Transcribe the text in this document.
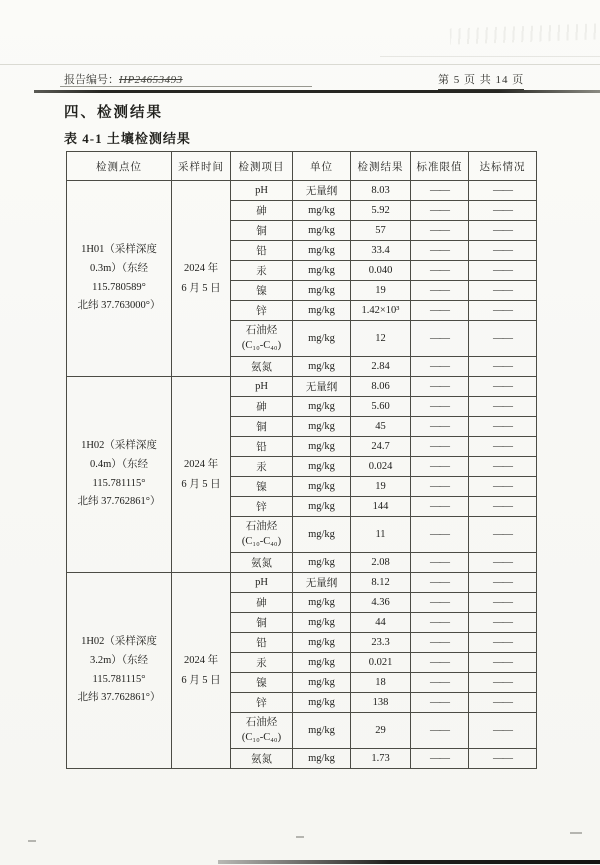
报告编号：HP24653493	第 5 页 共 14 页
四、检测结果
表 4-1 土壤检测结果
检测点位	采样时间	检测项目	单位	检测结果	标准限值	达标情况

1H01（采样深度
0.3m）（东经
115.780589°
北纬 37.763000°）

2024 年
6 月 5 日
	pH	无量纲	8.03	——	——
		砷	mg/kg	5.92	——	——
		铜	mg/kg	57	——	——
		铅	mg/kg	33.4	——	——
		汞	mg/kg	0.040	——	——
		镍	mg/kg	19	——	——
		锌	mg/kg	1.42×10³	——	——

		石油烃
(C₁₀-C₄₀)	mg/kg	12	——	——
		氨氮	mg/kg	2.84	——	——

1H02（采样深度
0.4m）（东经
115.781115°
北纬 37.762861°）

2024 年
6 月 5 日
	pH	无量纲	8.06	——	——
		砷	mg/kg	5.60	——	——
		铜	mg/kg	45	——	——
		铅	mg/kg	24.7	——	——
		汞	mg/kg	0.024	——	——
		镍	mg/kg	19	——	——
		锌	mg/kg	144	——	——

		石油烃
(C₁₀-C₄₀)	mg/kg	11	——	——
		氨氮	mg/kg	2.08	——	——

1H02（采样深度
3.2m）（东经
115.781115°
北纬 37.762861°）

2024 年
6 月 5 日
	pH	无量纲	8.12	——	——
		砷	mg/kg	4.36	——	——
		铜	mg/kg	44	——	——
		铅	mg/kg	23.3	——	——
		汞	mg/kg	0.021	——	——
		镍	mg/kg	18	——	——
		锌	mg/kg	138	——	——

		石油烃
(C₁₀-C₄₀)	mg/kg	29	——	——
		氨氮	mg/kg	1.73	——	——
